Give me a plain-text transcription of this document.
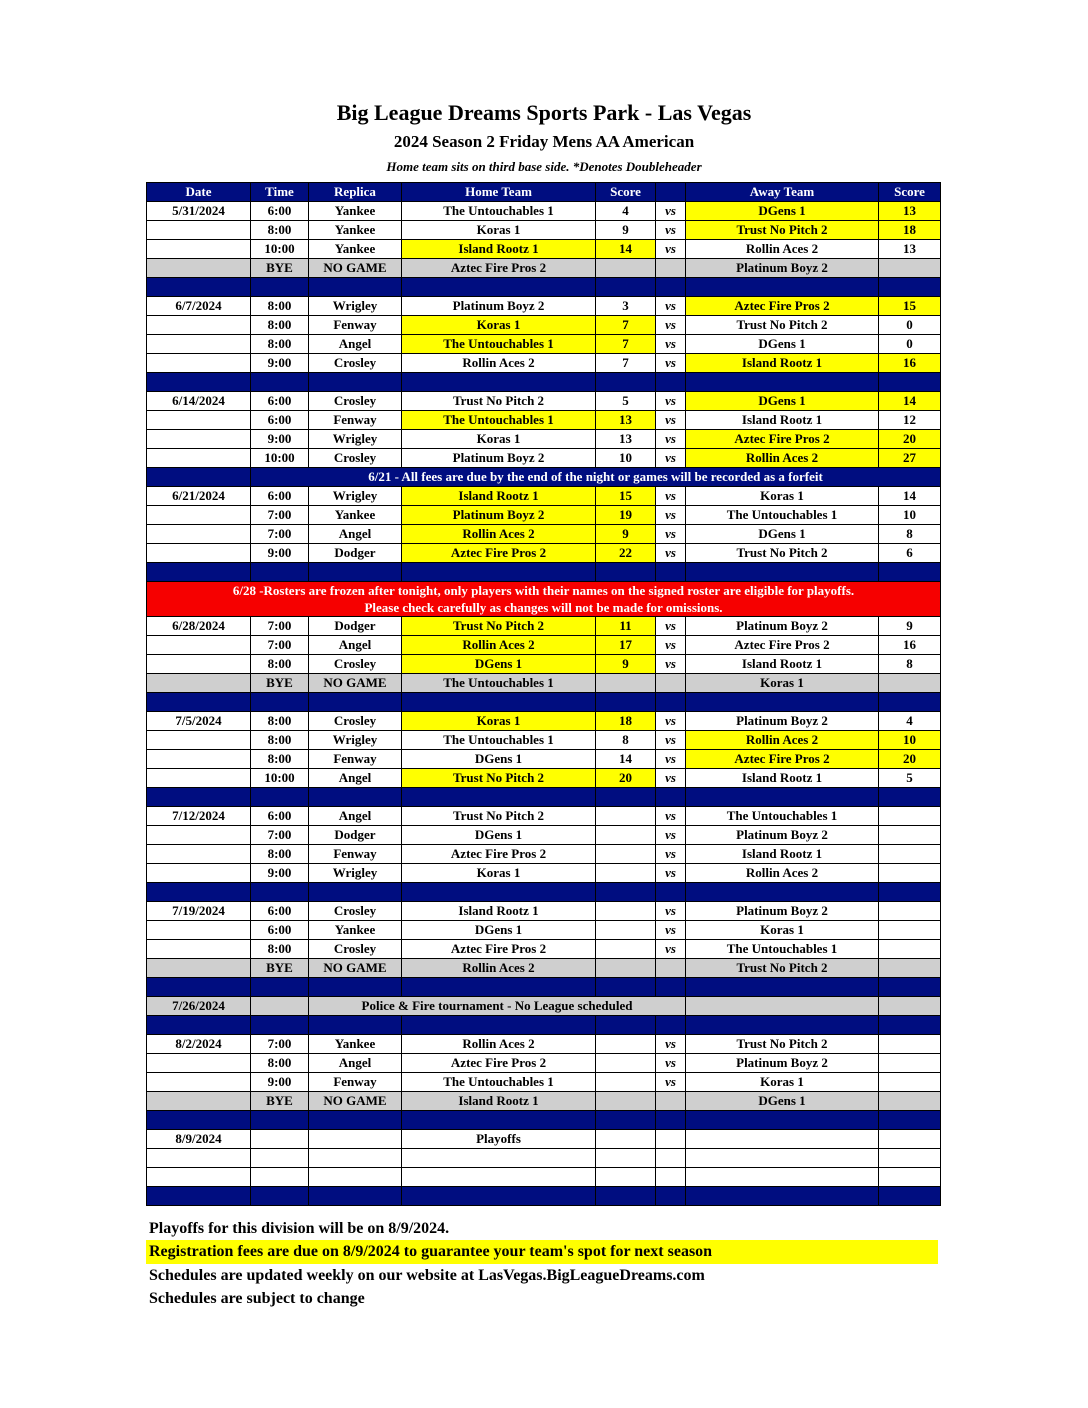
Big League Dreams Sports Park - Las Vegas
2024 Season 2 Friday Mens AA American
Home team sits on third base side. *Denotes Doubleheader
Date	Time	Replica	Home Team	Score		Away Team	Score
5/31/2024	6:00	Yankee	The Untouchables 1	4	vs	DGens 1	13
	8:00	Yankee	Koras 1	9	vs	Trust No Pitch 2	18
	10:00	Yankee	Island Rootz 1	14	vs	Rollin Aces 2	13
	BYE	NO GAME	Aztec Fire Pros 2			Platinum Boyz 2	

6/7/2024	8:00	Wrigley	Platinum Boyz 2	3	vs	Aztec Fire Pros 2	15
	8:00	Fenway	Koras 1	7	vs	Trust No Pitch 2	0
	8:00	Angel	The Untouchables 1	7	vs	DGens 1	0
	9:00	Crosley	Rollin Aces 2	7	vs	Island Rootz 1	16

6/14/2024	6:00	Crosley	Trust No Pitch 2	5	vs	DGens 1	14
	6:00	Fenway	The Untouchables 1	13	vs	Island Rootz 1	12
	9:00	Wrigley	Koras 1	13	vs	Aztec Fire Pros 2	20
	10:00	Crosley	Platinum Boyz 2	10	vs	Rollin Aces 2	27
	6/21 - All fees are due by the end of the night or games will be recorded as a forfeit						
6/21/2024	6:00	Wrigley	Island Rootz 1	15	vs	Koras 1	14
	7:00	Yankee	Platinum Boyz 2	19	vs	The Untouchables 1	10
	7:00	Angel	Rollin Aces 2	9	vs	DGens 1	8
	9:00	Dodger	Aztec Fire Pros 2	22	vs	Trust No Pitch 2	6

6/28 -Rosters are frozen after tonight, only players with their names on the signed roster are eligible for playoffs.
Please check carefully as changes will not be made for omissions.							

6/28/2024	7:00	Dodger	Trust No Pitch 2	11	vs	Platinum Boyz 2	9
	7:00	Angel	Rollin Aces 2	17	vs	Aztec Fire Pros 2	16
	8:00	Crosley	DGens 1	9	vs	Island Rootz 1	8
	BYE	NO GAME	The Untouchables 1			Koras 1	

7/5/2024	8:00	Crosley	Koras 1	18	vs	Platinum Boyz 2	4
	8:00	Wrigley	The Untouchables 1	8	vs	Rollin Aces 2	10
	8:00	Fenway	DGens 1	14	vs	Aztec Fire Pros 2	20
	10:00	Angel	Trust No Pitch 2	20	vs	Island Rootz 1	5

7/12/2024	6:00	Angel	Trust No Pitch 2		vs	The Untouchables 1	
	7:00	Dodger	DGens 1		vs	Platinum Boyz 2	
	8:00	Fenway	Aztec Fire Pros 2		vs	Island Rootz 1	
	9:00	Wrigley	Koras 1		vs	Rollin Aces 2	

7/19/2024	6:00	Crosley	Island Rootz 1		vs	Platinum Boyz 2	
	6:00	Yankee	DGens 1		vs	Koras 1	
	8:00	Crosley	Aztec Fire Pros 2		vs	The Untouchables 1	
	BYE	NO GAME	Rollin Aces 2			Trust No Pitch 2	

7/26/2024		Police & Fire tournament - No League scheduled					

8/2/2024	7:00	Yankee	Rollin Aces 2		vs	Trust No Pitch 2	
	8:00	Angel	Aztec Fire Pros 2		vs	Platinum Boyz 2	
	9:00	Fenway	The Untouchables 1		vs	Koras 1	
	BYE	NO GAME	Island Rootz 1			DGens 1	

8/9/2024			Playoffs				

Playoffs for this division will be on 8/9/2024.
Registration fees are due on 8/9/2024 to guarantee your team's spot for next season
Schedules are updated weekly on our website at LasVegas.BigLeagueDreams.com
Schedules are subject to change
